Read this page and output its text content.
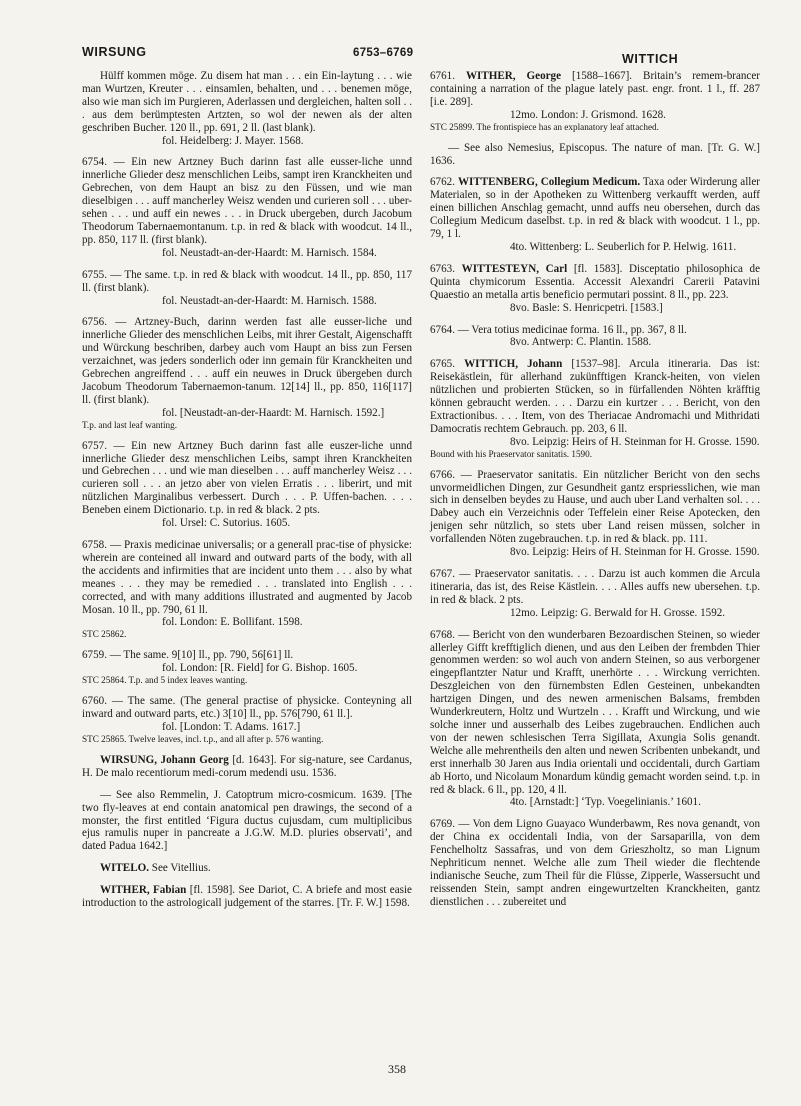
WIRSUNG	6753–6769	WITTICH
Hülff kommen möge. Zu disem hat man . . . ein Ein-laytung . . . wie man Wurtzen, Kreuter . . . einsamlen, behalten, und . . . benemen möge, also wie man sich im Purgieren, Aderlassen und dergleichen, halten soll . . . aus dem berümptesten Artzten, so wol der newen als der alten geschriben Bucher. 120 ll., pp. 691, 2 ll. (last blank).
fol. Heidelberg: J. Mayer. 1568.
6754. — Ein new Artzney Buch darinn fast alle eusser-liche unnd innerliche Glieder desz menschlichen Leibs, sampt iren Kranckheiten und Gebrechen, von dem Haupt an bisz zu den Füssen, und wie man dieselbigen . . . auff mancherley Weisz wenden und curieren soll . . . uber-sehen . . . und auff ein newes . . . in Druck ubergeben, durch Jacobum Theodorum Tabernaemontanum. t.p. in red & black with woodcut. 14 ll., pp. 850, 117 ll. (first blank).
fol. Neustadt-an-der-Haardt: M. Harnisch. 1584.
6755. — The same. t.p. in red & black with woodcut. 14 ll., pp. 850, 117 ll. (first blank).
fol. Neustadt-an-der-Haardt: M. Harnisch. 1588.
6756. — Artzney-Buch, darinn werden fast alle eusser-liche und innerliche Glieder des menschlichen Leibs, mit ihrer Gestalt, Aigenschafft und Würckung beschriben, darbey auch vom Haupt an biss zun Fersen verzaichnet, was jeders sonderlich oder inn gemain für Kranckheiten und Gebrechen angreiffend . . . auff ein neuwes in Druck übergeben durch Jacobum Theodorum Tabernaemon-tanum. 12[14] ll., pp. 850, 116[117] ll. (first blank).
fol. [Neustadt-an-der-Haardt: M. Harnisch. 1592.]
T.p. and last leaf wanting.
6757. — Ein new Artzney Buch darinn fast alle euszer-liche unnd innerliche Glieder desz menschlichen Leibs, sampt ihren Kranckheiten und Gebrechen . . . und wie man dieselben . . . auff mancherley Weisz . . . curieren soll . . . an jetzo aber von vielen Erratis . . . liberirt, und mit nützlichen Marginalibus verbessert. Durch . . . P. Uffen-bachen. . . . Beneben einem Dictionario. t.p. in red & black. 2 pts.
fol. Ursel: C. Sutorius. 1605.
6758. — Praxis medicinae universalis; or a generall prac-tise of physicke: wherein are conteined all inward and outward parts of the body, with all the accidents and infirmities that are incident unto them . . . also by what meanes . . . they may be remedied . . . translated into English . . . corrected, and with many additions illustrated and augmented by Jacob Mosan. 10 ll., pp. 790, 61 ll.
fol. London: E. Bollifant. 1598.
STC 25862.
6759. — The same. 9[10] ll., pp. 790, 56[61] ll.
fol. London: [R. Field] for G. Bishop. 1605.
STC 25864. T.p. and 5 index leaves wanting.
6760. — The same. (The general practise of physicke. Conteyning all inward and outward parts, etc.) 3[10] ll., pp. 576[790, 61 ll.].
fol. [London: T. Adams. 1617.]
STC 25865. Twelve leaves, incl. t.p., and all after p. 576 wanting.
WIRSUNG, Johann Georg [d. 1643]. For sig-nature, see Cardanus, H. De malo recentiorum medi-corum medendi usu. 1536.
— See also Remmelin, J. Catoptrum micro-cosmicum. 1639. [The two fly-leaves at end contain anatomical pen drawings, the second of a monster, the first entitled ‘Figura ductus cujusdam, cum multiplicibus ejus ramulis nuper in pancreate a J.G.W. M.D. pluries observati’, and dated Padua 1642.]
WITELO. See Vitellius.
WITHER, Fabian [fl. 1598]. See Dariot, C. A briefe and most easie introduction to the astrologicall judgement of the starres. [Tr. F. W.] 1598.
6761. WITHER, George [1588–1667]. Britain’s remem-brancer containing a narration of the plague lately past. engr. front. 1 l., ff. 287 [i.e. 289].
12mo. London: J. Grismond. 1628.
STC 25899. The frontispiece has an explanatory leaf attached.
— See also Nemesius, Episcopus. The nature of man. [Tr. G. W.] 1636.
6762. WITTENBERG, Collegium Medicum. Taxa oder Wirderung aller Materialen, so in der Apotheken zu Wittenberg verkaufft werden, auff einen billichen Anschlag gemacht, unnd auffs neu obersehen, durch das Collegium Medicum daselbst. t.p. in red & black with woodcut. 1 l., pp. 79, 1 l.
4to. Wittenberg: L. Seuberlich for P. Helwig. 1611.
6763. WITTESTEYN, Carl [fl. 1583]. Disceptatio philosophica de Quinta chymicorum Essentia. Accessit Alexandri Carerii Patavini Quaestio an metalla artis beneficio permutari possint. 8 ll., pp. 223.
8vo. Basle: S. Henricpetri. [1583.]
6764. — Vera totius medicinae forma. 16 ll., pp. 367, 8 ll.
8vo. Antwerp: C. Plantin. 1588.
6765. WITTICH, Johann [1537–98]. Arcula itineraria. Das ist: Reisekästlein, für allerhand zukünfftigen Kranck-heiten, von vielen nützlichen und probierten Stücken, so in fürfallenden Nöhten kräfftig können gebraucht werden. . . . Darzu ein kurtzer . . . Bericht, von den Extractionibus. . . . Item, von des Theriacae Andromachi und Mithridati Damocratis rechtem Gebrauch. pp. 203, 6 ll.
8vo. Leipzig: Heirs of H. Steinman for H. Grosse. 1590.
Bound with his Praeservator sanitatis. 1590.
6766. — Praeservator sanitatis. Ein nützlicher Bericht von den sechs unvormeidlichen Dingen, zur Gesundheit gantz erspriesslichen, wie man sich in denselben beydes zu Hause, und auch uber Land verhalten sol. . . . Dabey auch ein Verzeichnis oder Teffelein einer Reise Apotecken, den jenigen sehr nützlich, so stets uber Land reisen müssen, solcher in vorfallenden Nöten zugebrauchen. t.p. in red & black. pp. 111.
8vo. Leipzig: Heirs of H. Steinman for H. Grosse. 1590.
6767. — Praeservator sanitatis. . . . Darzu ist auch kommen die Arcula itineraria, das ist, des Reise Kästlein. . . . Alles auffs new ubersehen. t.p. in red & black. 2 pts.
12mo. Leipzig: G. Berwald for H. Grosse. 1592.
6768. — Bericht von den wunderbaren Bezoardischen Steinen, so wieder allerley Gifft krefftiglich dienen, und aus den Leiben der frembden Thier genommen werden: so wol auch von andern Steinen, so aus verborgener eingepflantzter Natur und Krafft, unerhörte . . . Wirckung verrichten. Deszgleichen von den fürnembsten Edlen Gesteinen, unbekandten hartzigen Dingen, und des newen armenischen Balsams, frembden Wunderkreutern, Holtz und Wurtzeln . . . Krafft und Wirckung, und wie solche inner und ausserhalb des Leibes zugebrauchen. Endlichen auch von der newen schlesischen Terra Sigillata, Axungia Solis genandt. Welche alle mehrentheils den alten und newen Scribenten unbekandt, und erst innerhalb 30 Jaren aus India orientali und occidentali, durch Gartiam ab Horto, und Nicolaum Monardum kündig gemacht worden seind. t.p. in red & black. 6 ll., pp. 120, 4 ll.
4to. [Arnstadt:] ‘Typ. Voegelinianis.’ 1601.
6769. — Von dem Ligno Guayaco Wunderbawm, Res nova genandt, von der China ex occidentali India, von der Sarsaparilla, von dem Fenchelholtz Sassafras, und von dem Grieszholtz, so man Lignum Nephriticum nennet. Welche alle zum Theil wieder die flechtende indianische Seuche, zum Theil für die Flüsse, Zipperle, Wassersucht und reissenden Stein, sampt andren eingewurtzelten Kranckheiten, gantz dienstlichen . . . zubereitet und
358
